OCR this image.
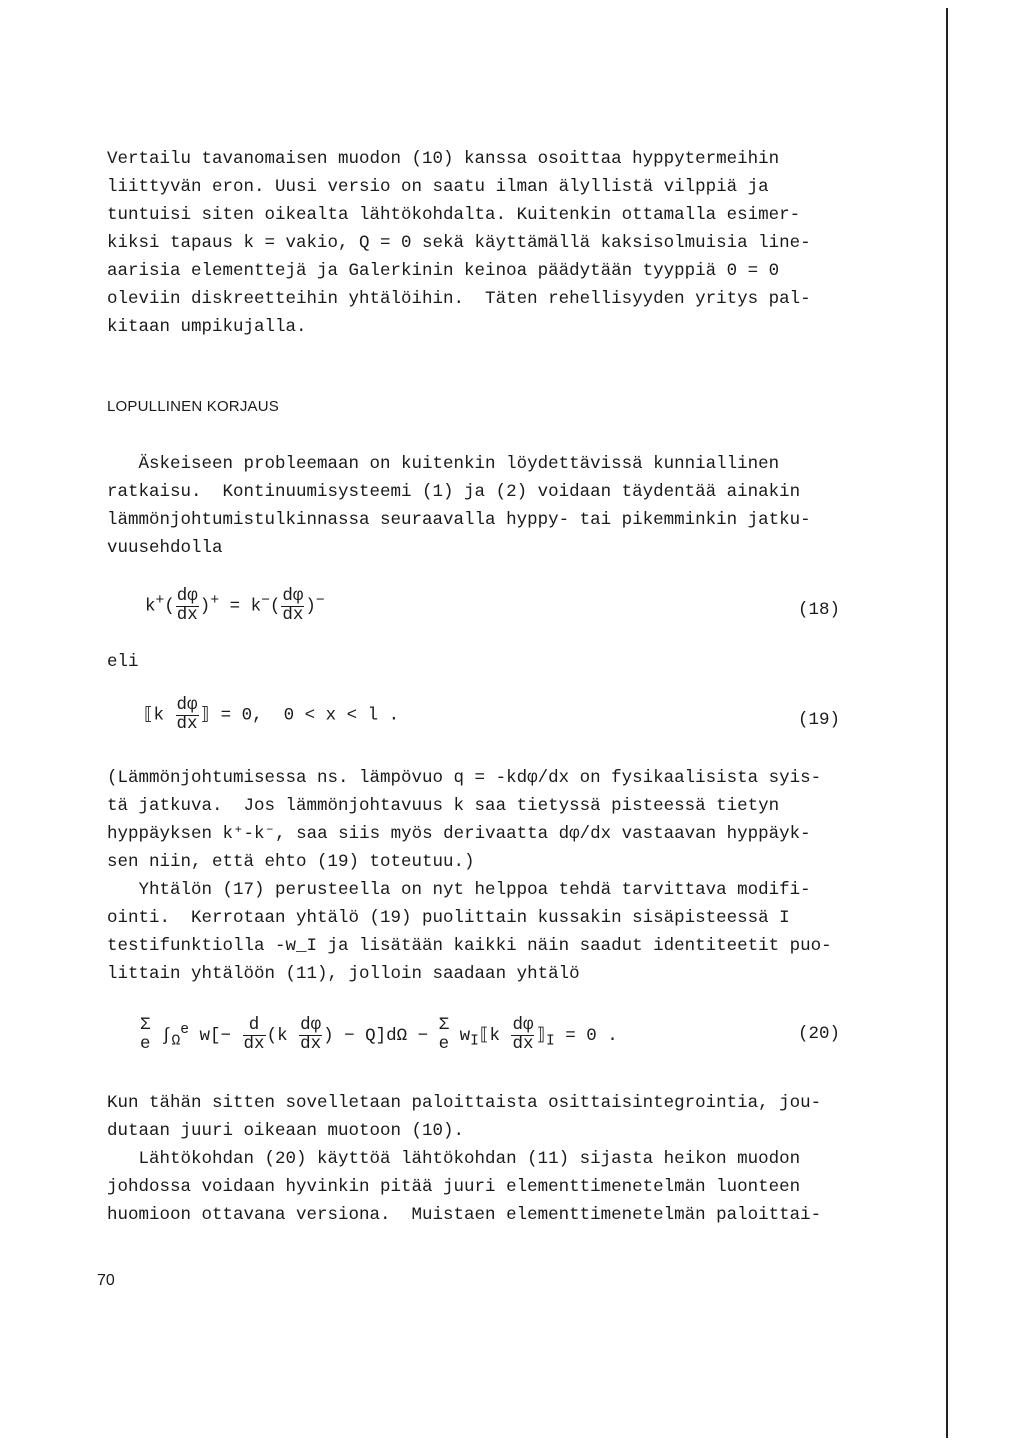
Vertailu tavanomaisen muodon (10) kanssa osoittaa hyppytermeihin
liittyvän eron. Uusi versio on saatu ilman älyllistä vilppiä ja
tuntuisi siten oikealta lähtökohdalta. Kuitenkin ottamalla esimer-
kiksi tapaus k = vakio, Q = 0 sekä käyttämällä kaksisolmuisia line-
aarisia elementtejä ja Galerkinin keinoa päädytään tyyppiä 0 = 0
oleviin diskreetteihin yhtälöihin.  Täten rehellisyyden yritys pal-
kitaan umpikujalla.
LOPULLINEN KORJAUS
Äskeiseen probleemaan on kuitenkin löydettävissä kunniallinen
ratkaisu.  Kontinuumisysteemi (1) ja (2) voidaan täydentää ainakin
lämmönjohtumistulkinnassa seuraavalla hyppy- tai pikemminkin jatku-
vuusehdolla
$k^+( \frac{d\varphi}{dx} )^+ = k^-( \frac{d\varphi}{dx} )^-$	(18)
eli
⟦k $\frac{d\varphi}{dx}$ ⟧ = 0,  0 < x < l .	(19)
(Lämmönjohtumisessa ns. lämpövuo q = -kdφ/dx on fysikaalisista syis-
tä jatkuva.  Jos lämmönjohtavuus k saa tietyssä pisteessä tietyn
hyppäyksen k⁺-k⁻, saa siis myös derivaatta dφ/dx vastaavan hyppäyk-
sen niin, että ehto (19) toteutuu.)
Yhtälön (17) perusteella on nyt helppoa tehdä tarvittava modifi-
ointi.  Kerrotaan yhtälö (19) puolittain kussakin sisäpisteessä I
testifunktiolla -w_I ja lisätään kaikki näin saadut identiteetit puo-
littain yhtälöön (11), jolloin saadaan yhtälö
Σ
e $\int_\Omega^e$ $w[- \frac{d}{dx} (k \frac{d\varphi}{dx}$ ) − Q]dΩ − Σ
e $w_I⟦k \frac{d\varphi}{dx}$ $⟧_I = 0$ .	(20)
Kun tähän sitten sovelletaan paloittaista osittaisintegrointia, jou-
dutaan juuri oikeaan muotoon (10).
Lähtökohdan (20) käyttöä lähtökohdan (11) sijasta heikon muodon
johdossa voidaan hyvinkin pitää juuri elementtimenetelmän luonteen
huomioon ottavana versiona.  Muistaen elementtimenetelmän paloittai-
70
